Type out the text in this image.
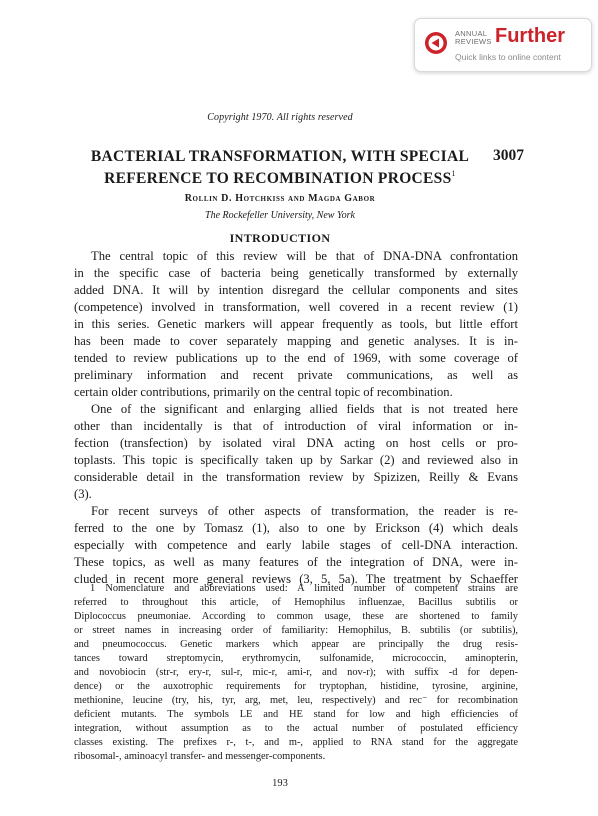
ANNUAL
REVIEWS Further
Quick links to online content
Copyright 1970. All rights reserved
BACTERIAL TRANSFORMATION, WITH SPECIAL
REFERENCE TO RECOMBINATION PROCESS$^1$
3007
Rollin D. Hotchkiss and Magda Gabor
The Rockefeller University, New York
INTRODUCTION
The central topic of this review will be that of DNA-DNA confrontation
in the specific case of bacteria being genetically transformed by externally
added DNA. It will by intention disregard the cellular components and sites
(competence) involved in transformation, well covered in a recent review (1)
in this series. Genetic markers will appear frequently as tools, but little effort
has been made to cover separately mapping and genetic analyses. It is in-
tended to review publications up to the end of 1969, with some coverage of
preliminary information and recent private communications, as well as
certain older contributions, primarily on the central topic of recombination.
One of the significant and enlarging allied fields that is not treated here
other than incidentally is that of introduction of viral information or in-
fection (transfection) by isolated viral DNA acting on host cells or pro-
toplasts. This topic is specifically taken up by Sarkar (2) and reviewed also in
considerable detail in the transformation review by Spizizen, Reilly & Evans
(3).
For recent surveys of other aspects of transformation, the reader is re-
ferred to the one by Tomasz (1), also to one by Erickson (4) which deals
especially with competence and early labile stages of cell-DNA interaction.
These topics, as well as many features of the integration of DNA, were in-
cluded in recent more general reviews (3, 5, 5a). The treatment by Schaeffer
1 Nomenclature and abbreviations used: A limited number of competent strains are
referred to throughout this article, of Hemophilus influenzae, Bacillus subtilis or
Diplococcus pneumoniae. According to common usage, these are shortened to family
or street names in increasing order of familiarity: Hemophilus, B. subtilis (or subtilis),
and pneumococcus. Genetic markers which appear are principally the drug resis-
tances toward streptomycin, erythromycin, sulfonamide, micrococcin, aminopterin,
and novobiocin (str-r, ery-r, sul-r, mic-r, ami-r, and nov-r); with suffix -d for depen-
dence) or the auxotrophic requirements for tryptophan, histidine, tyrosine, arginine,
methionine, leucine (try, his, tyr, arg, met, leu, respectively) and rec⁻ for recombination
deficient mutants. The symbols LE and HE stand for low and high efficiencies of
integration, without assumption as to the actual number of postulated efficiency
classes existing. The prefixes r-, t-, and m-, applied to RNA stand for the aggregate
ribosomal-, aminoacyl transfer- and messenger-components.
193
